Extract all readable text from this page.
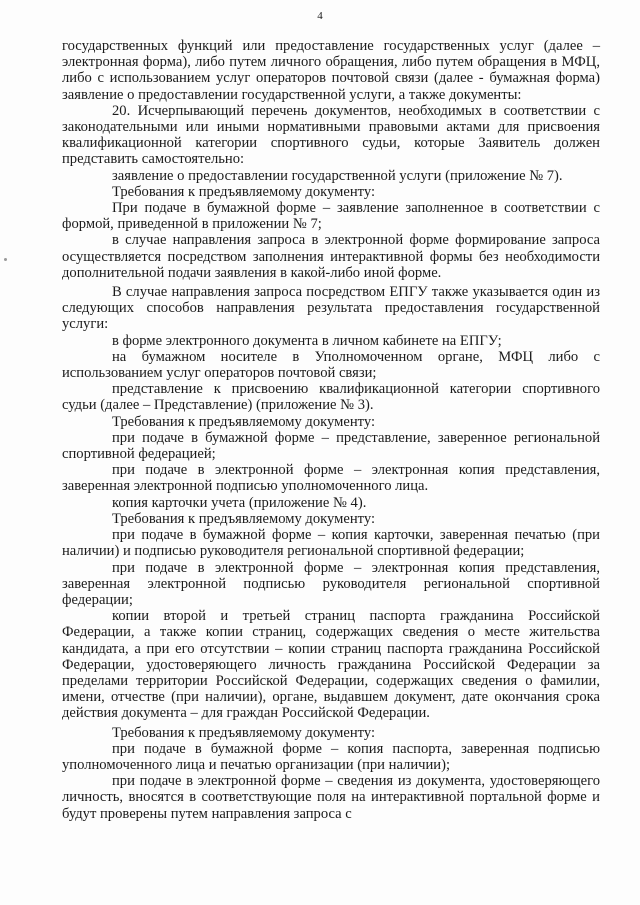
4

государственных функций или предоставление государственных услуг (далее – электронная форма), либо путем личного обращения, либо путем обращения в МФЦ, либо с использованием услуг операторов почтовой связи (далее - бумажная форма) заявление о предоставлении государственной услуги, а также документы:

20. Исчерпывающий перечень документов, необходимых в соответствии с законодательными или иными нормативными правовыми актами для присвоения квалификационной категории спортивного судьи, которые Заявитель должен представить самостоятельно:

заявление о предоставлении государственной услуги (приложение № 7).

Требования к предъявляемому документу:

При подаче в бумажной форме – заявление заполненное в соответствии с формой, приведенной в приложении № 7;

в случае направления запроса в электронной форме формирование запроса осуществляется посредством заполнения интерактивной формы без необходимости дополнительной подачи заявления в какой-либо иной форме.

В случае направления запроса посредством ЕПГУ также указывается один из следующих способов направления результата предоставления государственной услуги:

в форме электронного документа в личном кабинете на ЕПГУ;

на бумажном носителе в Уполномоченном органе, МФЦ либо с использованием услуг операторов почтовой связи;

представление к присвоению квалификационной категории спортивного судьи (далее – Представление) (приложение № 3).

Требования к предъявляемому документу:

при подаче в бумажной форме – представление, заверенное региональной спортивной федерацией;

при подаче в электронной форме – электронная копия представления, заверенная электронной подписью уполномоченного лица.

копия карточки учета (приложение № 4).

Требования к предъявляемому документу:

при подаче в бумажной форме – копия карточки, заверенная печатью (при наличии) и подписью руководителя региональной спортивной федерации;

при подаче в электронной форме – электронная копия представления, заверенная электронной подписью руководителя региональной спортивной федерации;

копии второй и третьей страниц паспорта гражданина Российской Федерации, а также копии страниц, содержащих сведения о месте жительства кандидата, а при его отсутствии – копии страниц паспорта гражданина Российской Федерации, удостоверяющего личность гражданина Российской Федерации за пределами территории Российской Федерации, содержащих сведения о фамилии, имени, отчестве (при наличии), органе, выдавшем документ, дате окончания срока действия документа – для граждан Российской Федерации.

Требования к предъявляемому документу:

при подаче в бумажной форме – копия паспорта, заверенная подписью уполномоченного лица и печатью организации (при наличии);

при подаче в электронной форме – сведения из документа, удостоверяющего личность, вносятся в соответствующие поля на интерактивной портальной форме и будут проверены путем направления запроса с
